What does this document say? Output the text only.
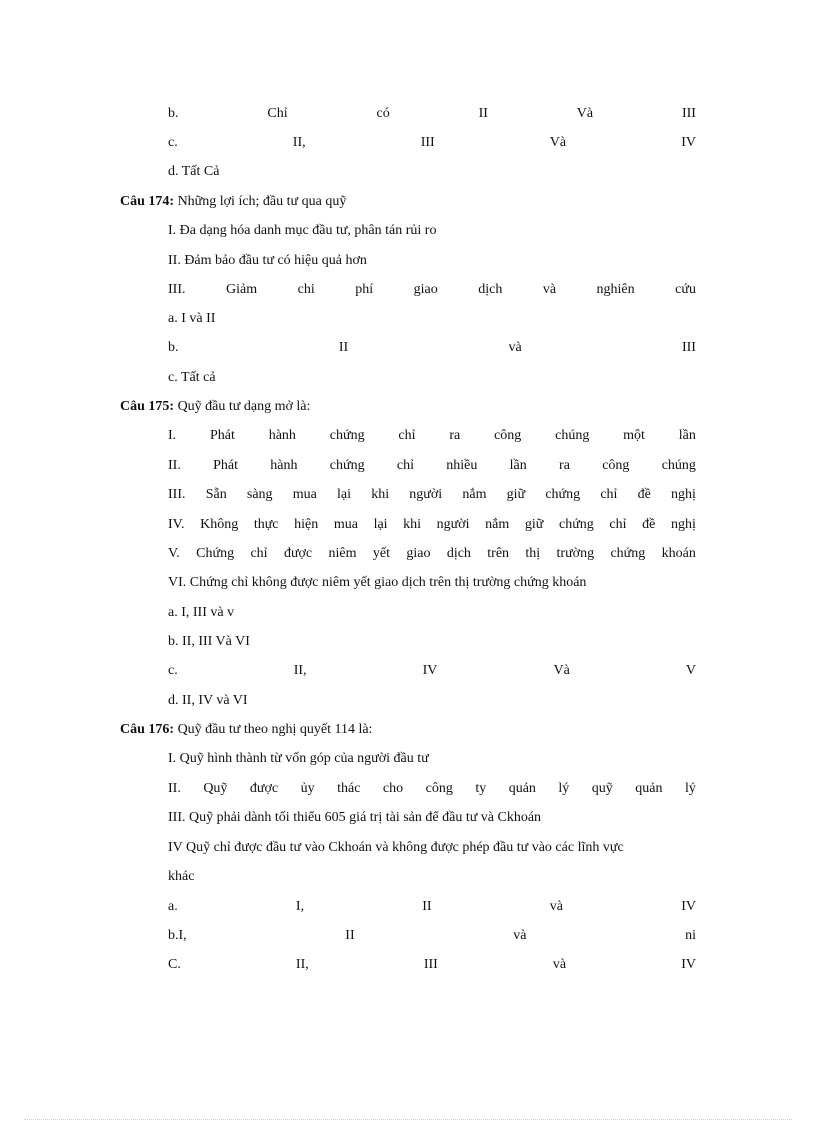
b.	Chỉ	có	II	Và	III
c.	II,	III	Và	IV
d. Tất Cả
Câu 174: Những lợi ích; đầu tư qua quỹ
I. Đa dạng hóa danh mục đầu tư, phân tán rủi ro
II. Đảm bảo đầu tư có hiệu quả hơn
III.	Giảm	chi	phí	giao	dịch	và	nghiên	cứu
a. I và II
b.	II	và	III
c. Tất cả
Câu 175: Quỹ đầu tư dạng mở là:
I. Phát hành chứng chỉ ra công chúng một lần
II. Phát hành chứng chỉ nhiều lần ra công chúng
III. Sẵn sàng mua lại khi người nắm giữ chứng chỉ đề nghị
IV. Không thực hiện mua lại khi người nắm giữ chứng chỉ đề nghị
V. Chứng chỉ được niêm yết giao dịch trên thị trường chứng khoán
VI. Chứng chỉ không được niêm yết giao dịch trên thị trường chứng khoán
a. I, III và v
b. II, III Và VI
c.	II,	IV	Và	V
d. II, IV và VI
Câu 176: Quỹ đầu tư theo nghị quyết 114 là:
I. Quỹ hình thành từ vốn góp của người đầu tư
II. Quỹ được ủy thác cho công ty quản lý quỹ quản lý
III. Quỹ phải dành tối thiểu 605 giá trị tài sản để đầu tư và Ckhoán
IV Quỹ chỉ được đầu tư vào Ckhoán và không được phép đầu tư vào các lĩnh vực
khác
a.	I,	II	và	IV
b.I,	II	và	ni
C.	II,	III	và	IV
